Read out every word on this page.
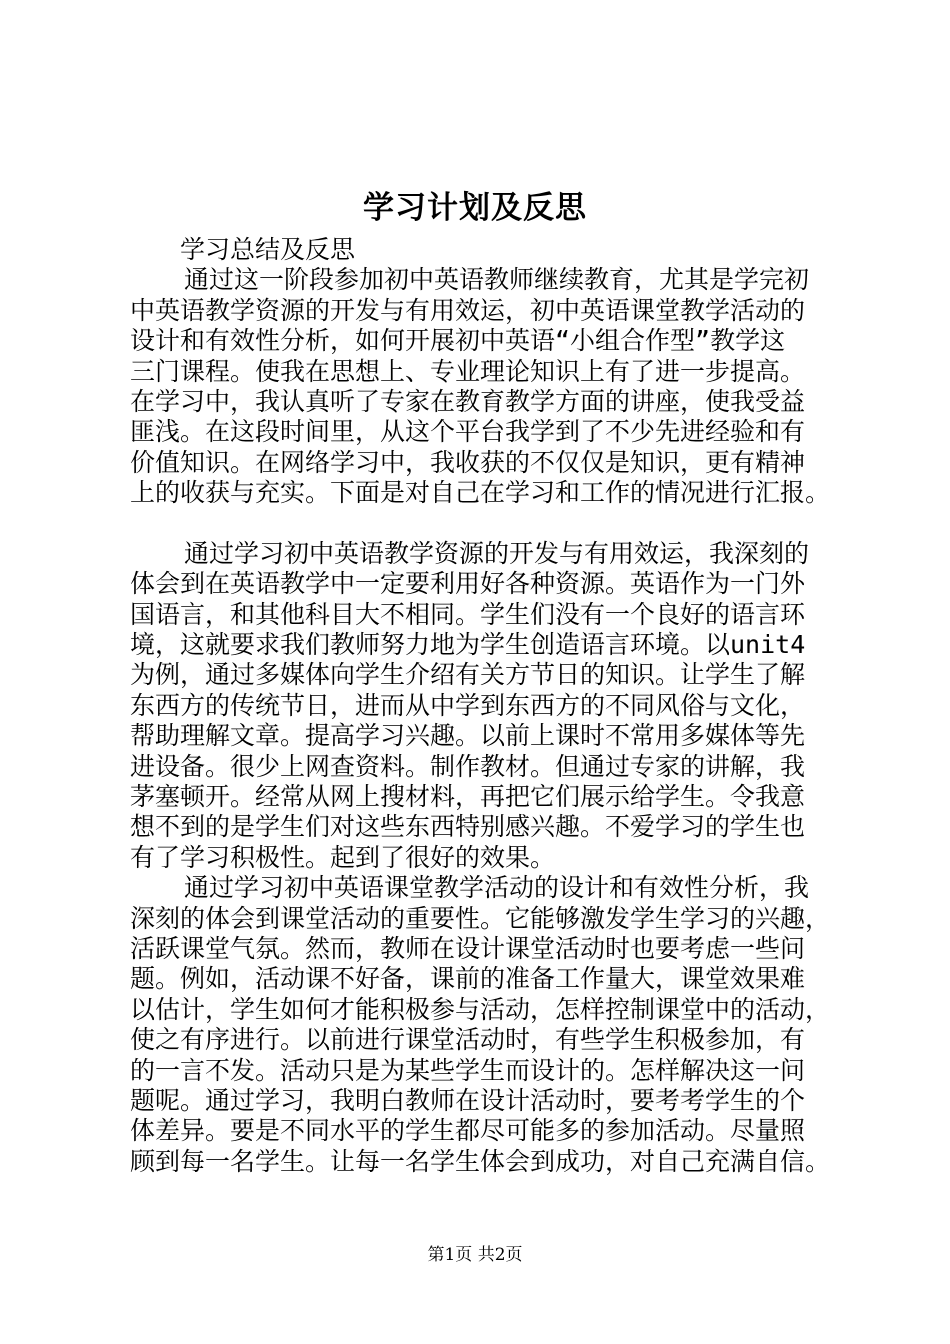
学习计划及反思
学习总结及反思
通过这一阶段参加初中英语教师继续教育，尤其是学完初
中英语教学资源的开发与有用效运，初中英语课堂教学活动的
设计和有效性分析，如何开展初中英语“小组合作型”教学这
三门课程。使我在思想上、专业理论知识上有了进一步提高。
在学习中，我认真听了专家在教育教学方面的讲座，使我受益
匪浅。在这段时间里，从这个平台我学到了不少先进经验和有
价值知识。在网络学习中，我收获的不仅仅是知识，更有精神
上的收获与充实。下面是对自己在学习和工作的情况进行汇报。
通过学习初中英语教学资源的开发与有用效运，我深刻的
体会到在英语教学中一定要利用好各种资源。英语作为一门外
国语言，和其他科目大不相同。学生们没有一个良好的语言环
境，这就要求我们教师努力地为学生创造语言环境。以unit4
为例，通过多媒体向学生介绍有关方节日的知识。让学生了解
东西方的传统节日，进而从中学到东西方的不同风俗与文化，
帮助理解文章。提高学习兴趣。以前上课时不常用多媒体等先
进设备。很少上网查资料。制作教材。但通过专家的讲解，我
茅塞顿开。经常从网上搜材料，再把它们展示给学生。令我意
想不到的是学生们对这些东西特别感兴趣。不爱学习的学生也
有了学习积极性。起到了很好的效果。
通过学习初中英语课堂教学活动的设计和有效性分析，我
深刻的体会到课堂活动的重要性。它能够激发学生学习的兴趣，
活跃课堂气氛。然而，教师在设计课堂活动时也要考虑一些问
题。例如，活动课不好备，课前的准备工作量大，课堂效果难
以估计，学生如何才能积极参与活动，怎样控制课堂中的活动，
使之有序进行。以前进行课堂活动时，有些学生积极参加，有
的一言不发。活动只是为某些学生而设计的。怎样解决这一问
题呢。通过学习，我明白教师在设计活动时，要考考学生的个
体差异。要是不同水平的学生都尽可能多的参加活动。尽量照
顾到每一名学生。让每一名学生体会到成功，对自己充满自信。
第1页 共2页
